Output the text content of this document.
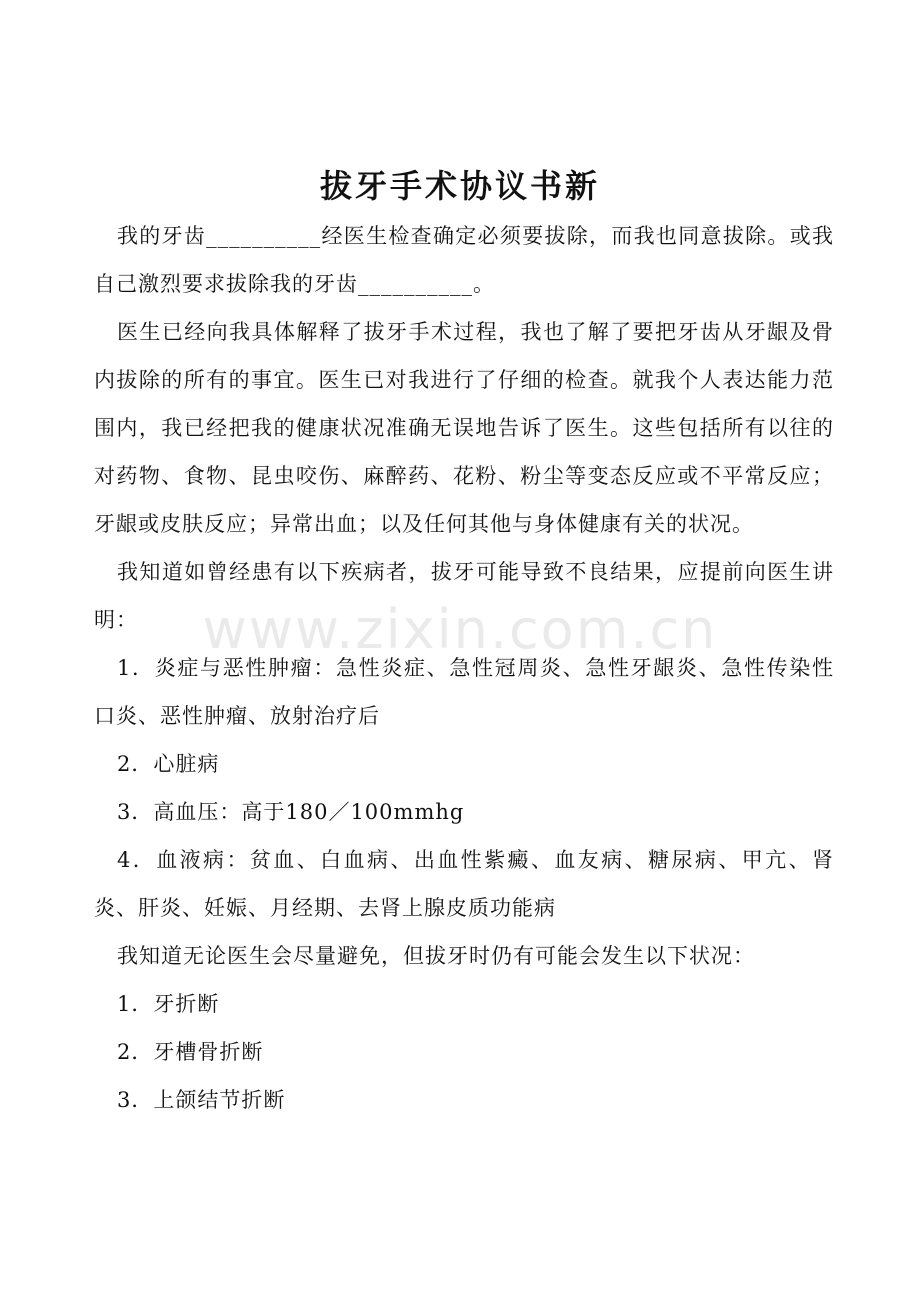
拔牙手术协议书新

我的牙齿__________经医生检查确定必须要拔除，而我也同意拔除。或我自己激烈要求拔除我的牙齿__________。

医生已经向我具体解释了拔牙手术过程，我也了解了要把牙齿从牙龈及骨内拔除的所有的事宜。医生已对我进行了仔细的检查。就我个人表达能力范围内，我已经把我的健康状况准确无误地告诉了医生。这些包括所有以往的对药物、食物、昆虫咬伤、麻醉药、花粉、粉尘等变态反应或不平常反应；牙龈或皮肤反应；异常出血；以及任何其他与身体健康有关的状况。

我知道如曾经患有以下疾病者，拔牙可能导致不良结果，应提前向医生讲明：

1．炎症与恶性肿瘤：急性炎症、急性冠周炎、急性牙龈炎、急性传染性口炎、恶性肿瘤、放射治疗后

2．心脏病

3．高血压：高于180／100mmhg

4．血液病：贫血、白血病、出血性紫癜、血友病、糖尿病、甲亢、肾炎、肝炎、妊娠、月经期、去肾上腺皮质功能病

我知道无论医生会尽量避免，但拔牙时仍有可能会发生以下状况：

1．牙折断

2．牙槽骨折断

3．上颌结节折断

www.zixin.com.cn
